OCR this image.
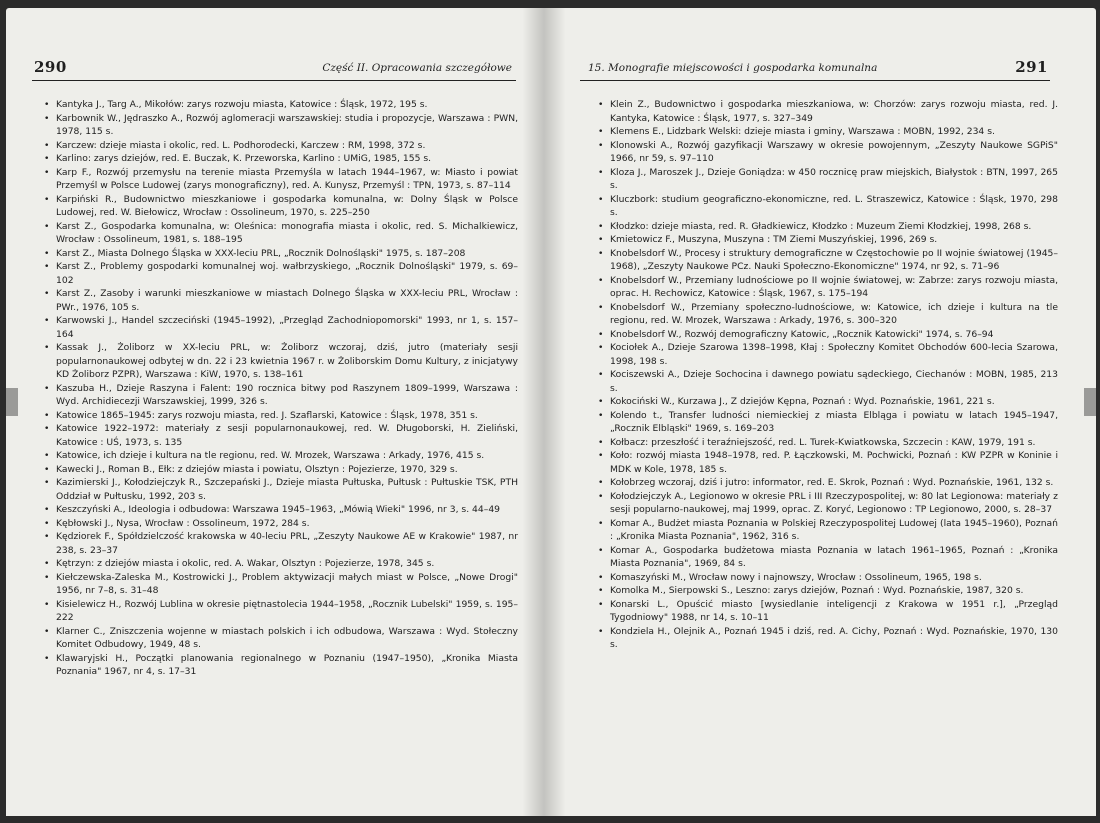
290	Część II. Opracowania szczegółowe
• Kantyka J., Targ A., Mikołów: zarys rozwoju miasta, Katowice : Śląsk, 1972, 195 s.
• Karbownik W., Jędraszko A., Rozwój aglomeracji warszawskiej: studia i propozycje, Warszawa : PWN, 1978, 115 s.
• Karczew: dzieje miasta i okolic, red. L. Podhorodecki, Karczew : RM, 1998, 372 s.
• Karlino: zarys dziejów, red. E. Buczak, K. Przeworska, Karlino : UMiG, 1985, 155 s.
• Karp F., Rozwój przemysłu na terenie miasta Przemyśla w latach 1944–1967, w: Miasto i powiat Przemyśl w Polsce Ludowej (zarys monograficzny), red. A. Kunysz, Przemyśl : TPN, 1973, s. 87–114
• Karpiński R., Budownictwo mieszkaniowe i gospodarka komunalna, w: Dolny Śląsk w Polsce Ludowej, red. W. Biełowicz, Wrocław : Ossolineum, 1970, s. 225–250
• Karst Z., Gospodarka komunalna, w: Oleśnica: monografia miasta i okolic, red. S. Michalkiewicz, Wrocław : Ossolineum, 1981, s. 188–195
• Karst Z., Miasta Dolnego Śląska w XXX-leciu PRL, „Rocznik Dolnośląski" 1975, s. 187–208
• Karst Z., Problemy gospodarki komunalnej woj. wałbrzyskiego, „Rocznik Dolnośląski" 1979, s. 69–102
• Karst Z., Zasoby i warunki mieszkaniowe w miastach Dolnego Śląska w XXX-leciu PRL, Wrocław : PWr., 1976, 105 s.
• Karwowski J., Handel szczeciński (1945–1992), „Przegląd Zachodniopomorski" 1993, nr 1, s. 157–164
• Kassak J., Żoliborz w XX-leciu PRL, w: Żoliborz wczoraj, dziś, jutro (materiały sesji popularnonaukowej odbytej w dn. 22 i 23 kwietnia 1967 r. w Żoliborskim Domu Kultury, z inicjatywy KD Żoliborz PZPR), Warszawa : KiW, 1970, s. 138–161
• Kaszuba H., Dzieje Raszyna i Falent: 190 rocznica bitwy pod Raszynem 1809–1999, Warszawa : Wyd. Archidiecezji Warszawskiej, 1999, 326 s.
• Katowice 1865–1945: zarys rozwoju miasta, red. J. Szaflarski, Katowice : Śląsk, 1978, 351 s.
• Katowice 1922–1972: materiały z sesji popularnonaukowej, red. W. Długoborski, H. Zieliński, Katowice : UŚ, 1973, s. 135
• Katowice, ich dzieje i kultura na tle regionu, red. W. Mrozek, Warszawa : Arkady, 1976, 415 s.
• Kawecki J., Roman B., Ełk: z dziejów miasta i powiatu, Olsztyn : Pojezierze, 1970, 329 s.
• Kazimierski J., Kołodziejczyk R., Szczepański J., Dzieje miasta Pułtuska, Pułtusk : Pułtuskie TSK, PTH Oddział w Pułtusku, 1992, 203 s.
• Keszczyński A., Ideologia i odbudowa: Warszawa 1945–1963, „Mówią Wieki" 1996, nr 3, s. 44–49
• Kębłowski J., Nysa, Wrocław : Ossolineum, 1972, 284 s.
• Kędziorek F., Spółdzielczość krakowska w 40-leciu PRL, „Zeszyty Naukowe AE w Krakowie" 1987, nr 238, s. 23–37
• Kętrzyn: z dziejów miasta i okolic, red. A. Wakar, Olsztyn : Pojezierze, 1978, 345 s.
• Kiełczewska-Zaleska M., Kostrowicki J., Problem aktywizacji małych miast w Polsce, „Nowe Drogi" 1956, nr 7–8, s. 31–48
• Kisielewicz H., Rozwój Lublina w okresie piętnastolecia 1944–1958, „Rocznik Lubelski" 1959, s. 195–222
• Klarner C., Zniszczenia wojenne w miastach polskich i ich odbudowa, Warszawa : Wyd. Stołeczny Komitet Odbudowy, 1949, 48 s.
• Klawaryjski H., Początki planowania regionalnego w Poznaniu (1947–1950), „Kronika Miasta Poznania" 1967, nr 4, s. 17–31
15. Monografie miejscowości i gospodarka komunalna	291
• Klein Z., Budownictwo i gospodarka mieszkaniowa, w: Chorzów: zarys rozwoju miasta, red. J. Kantyka, Katowice : Śląsk, 1977, s. 327–349
• Klemens E., Lidzbark Welski: dzieje miasta i gminy, Warszawa : MOBN, 1992, 234 s.
• Klonowski A., Rozwój gazyfikacji Warszawy w okresie powojennym, „Zeszyty Naukowe SGPiS" 1966, nr 59, s. 97–110
• Kloza J., Maroszek J., Dzieje Goniądza: w 450 rocznicę praw miejskich, Białystok : BTN, 1997, 265 s.
• Kluczbork: studium geograficzno-ekonomiczne, red. L. Straszewicz, Katowice : Śląsk, 1970, 298 s.
• Kłodzko: dzieje miasta, red. R. Gładkiewicz, Kłodzko : Muzeum Ziemi Kłodzkiej, 1998, 268 s.
• Kmietowicz F., Muszyna, Muszyna : TM Ziemi Muszyńskiej, 1996, 269 s.
• Knobelsdorf W., Procesy i struktury demograficzne w Częstochowie po II wojnie światowej (1945–1968), „Zeszyty Naukowe PCz. Nauki Społeczno-Ekonomiczne" 1974, nr 92, s. 71–96
• Knobelsdorf W., Przemiany ludnościowe po II wojnie światowej, w: Zabrze: zarys rozwoju miasta, oprac. H. Rechowicz, Katowice : Śląsk, 1967, s. 175–194
• Knobelsdorf W., Przemiany społeczno-ludnościowe, w: Katowice, ich dzieje i kultura na tle regionu, red. W. Mrozek, Warszawa : Arkady, 1976, s. 300–320
• Knobelsdorf W., Rozwój demograficzny Katowic, „Rocznik Katowicki" 1974, s. 76–94
• Kociołek A., Dzieje Szarowa 1398–1998, Kłaj : Społeczny Komitet Obchodów 600-lecia Szarowa, 1998, 198 s.
• Kociszewski A., Dzieje Sochocina i dawnego powiatu sądeckiego, Ciechanów : MOBN, 1985, 213 s.
• Kokociński W., Kurzawa J., Z dziejów Kępna, Poznań : Wyd. Poznańskie, 1961, 221 s.
• Kolendo t., Transfer ludności niemieckiej z miasta Elbląga i powiatu w latach 1945–1947, „Rocznik Elbląski" 1969, s. 169–203
• Kołbacz: przeszłość i teraźniejszość, red. L. Turek-Kwiatkowska, Szczecin : KAW, 1979, 191 s.
• Koło: rozwój miasta 1948–1978, red. P. Łączkowski, M. Pochwicki, Poznań : KW PZPR w Koninie i MDK w Kole, 1978, 185 s.
• Kołobrzeg wczoraj, dziś i jutro: informator, red. E. Skrok, Poznań : Wyd. Poznańskie, 1961, 132 s.
• Kołodziejczyk A., Legionowo w okresie PRL i III Rzeczypospolitej, w: 80 lat Legionowa: materiały z sesji popularno-naukowej, maj 1999, oprac. Z. Koryć, Legionowo : TP Legionowo, 2000, s. 28–37
• Komar A., Budżet miasta Poznania w Polskiej Rzeczypospolitej Ludowej (lata 1945–1960), Poznań : „Kronika Miasta Poznania", 1962, 316 s.
• Komar A., Gospodarka budżetowa miasta Poznania w latach 1961–1965, Poznań : „Kronika Miasta Poznania", 1969, 84 s.
• Komaszyński M., Wrocław nowy i najnowszy, Wrocław : Ossolineum, 1965, 198 s.
• Komolka M., Sierpowski S., Leszno: zarys dziejów, Poznań : Wyd. Poznańskie, 1987, 320 s.
• Konarski L., Opuścić miasto [wysiedlanie inteligencji z Krakowa w 1951 r.], „Przegląd Tygodniowy" 1988, nr 14, s. 10–11
• Kondziela H., Olejnik A., Poznań 1945 i dziś, red. A. Cichy, Poznań : Wyd. Poznańskie, 1970, 130 s.
